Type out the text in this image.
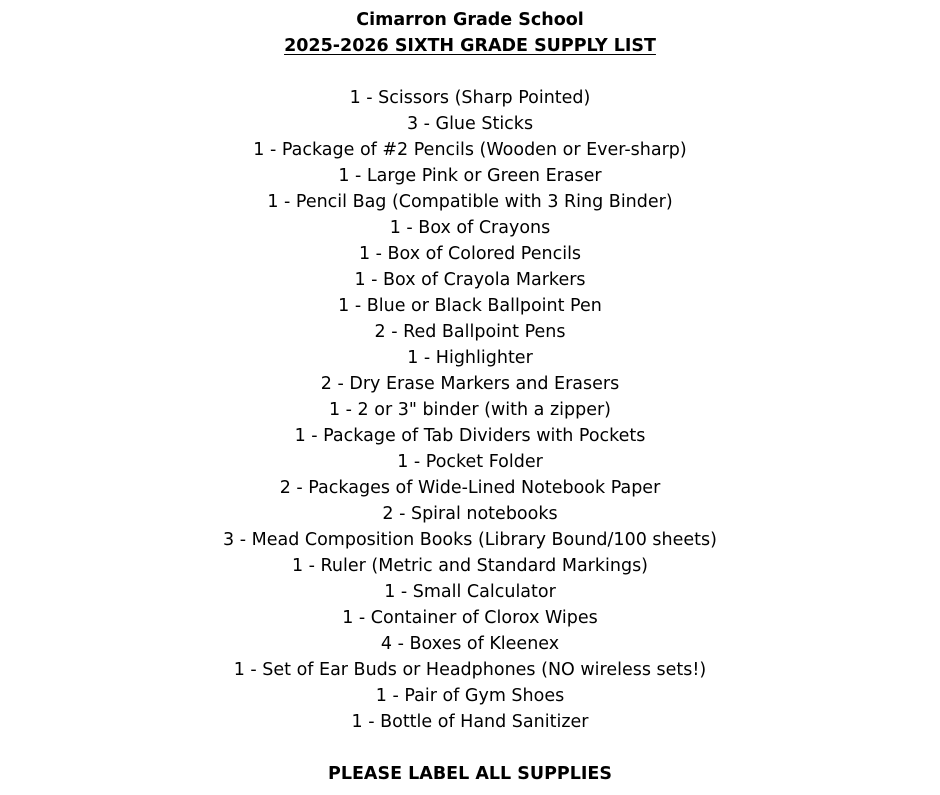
Cimarron Grade School
2025-2026 SIXTH GRADE SUPPLY LIST
1 - Scissors (Sharp Pointed)
3 - Glue Sticks
1 - Package of #2 Pencils (Wooden or Ever-sharp)
1 - Large Pink or Green Eraser
1 - Pencil Bag (Compatible with 3 Ring Binder)
1 - Box of Crayons
1 - Box of Colored Pencils
1 - Box of Crayola Markers
1 - Blue or Black Ballpoint Pen
2 - Red Ballpoint Pens
1 - Highlighter
2 - Dry Erase Markers and Erasers
1 - 2 or 3" binder (with a zipper)
1 - Package of Tab Dividers with Pockets
1 - Pocket Folder
2 - Packages of Wide-Lined Notebook Paper
2 - Spiral notebooks
3 - Mead Composition Books (Library Bound/100 sheets)
1 - Ruler (Metric and Standard Markings)
1 - Small Calculator
1 - Container of Clorox Wipes
4 - Boxes of Kleenex
1 - Set of Ear Buds or Headphones (NO wireless sets!)
1 - Pair of Gym Shoes
1 - Bottle of Hand Sanitizer
PLEASE LABEL ALL SUPPLIES
